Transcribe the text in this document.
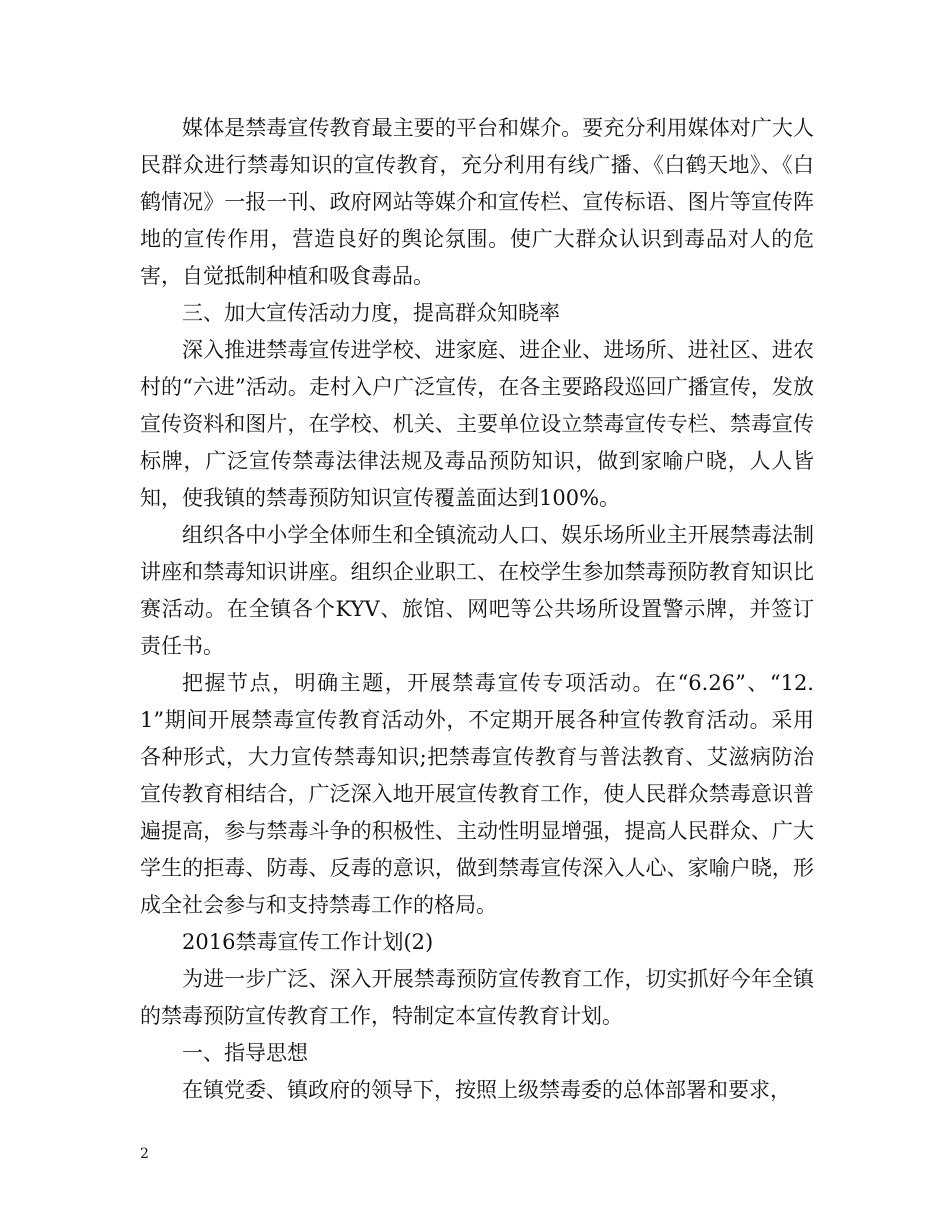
媒体是禁毒宣传教育最主要的平台和媒介。要充分利用媒体对广大人民群众进行禁毒知识的宣传教育，充分利用有线广播、《白鹤天地》、《白鹤情况》一报一刊、政府网站等媒介和宣传栏、宣传标语、图片等宣传阵地的宣传作用，营造良好的舆论氛围。使广大群众认识到毒品对人的危害，自觉抵制种植和吸食毒品。

三、加大宣传活动力度，提高群众知晓率

深入推进禁毒宣传进学校、进家庭、进企业、进场所、进社区、进农村的“六进”活动。走村入户广泛宣传，在各主要路段巡回广播宣传，发放宣传资料和图片，在学校、机关、主要单位设立禁毒宣传专栏、禁毒宣传标牌，广泛宣传禁毒法律法规及毒品预防知识，做到家喻户晓，人人皆知，使我镇的禁毒预防知识宣传覆盖面达到100%。

组织各中小学全体师生和全镇流动人口、娱乐场所业主开展禁毒法制讲座和禁毒知识讲座。组织企业职工、在校学生参加禁毒预防教育知识比赛活动。在全镇各个KYV、旅馆、网吧等公共场所设置警示牌，并签订责任书。

把握节点，明确主题，开展禁毒宣传专项活动。在“6.26”、“12.1”期间开展禁毒宣传教育活动外，不定期开展各种宣传教育活动。采用各种形式，大力宣传禁毒知识;把禁毒宣传教育与普法教育、艾滋病防治宣传教育相结合，广泛深入地开展宣传教育工作，使人民群众禁毒意识普遍提高，参与禁毒斗争的积极性、主动性明显增强，提高人民群众、广大学生的拒毒、防毒、反毒的意识，做到禁毒宣传深入人心、家喻户晓，形成全社会参与和支持禁毒工作的格局。

2016禁毒宣传工作计划(2)

为进一步广泛、深入开展禁毒预防宣传教育工作，切实抓好今年全镇的禁毒预防宣传教育工作，特制定本宣传教育计划。

一、指导思想

在镇党委、镇政府的领导下，按照上级禁毒委的总体部署和要求，

2
